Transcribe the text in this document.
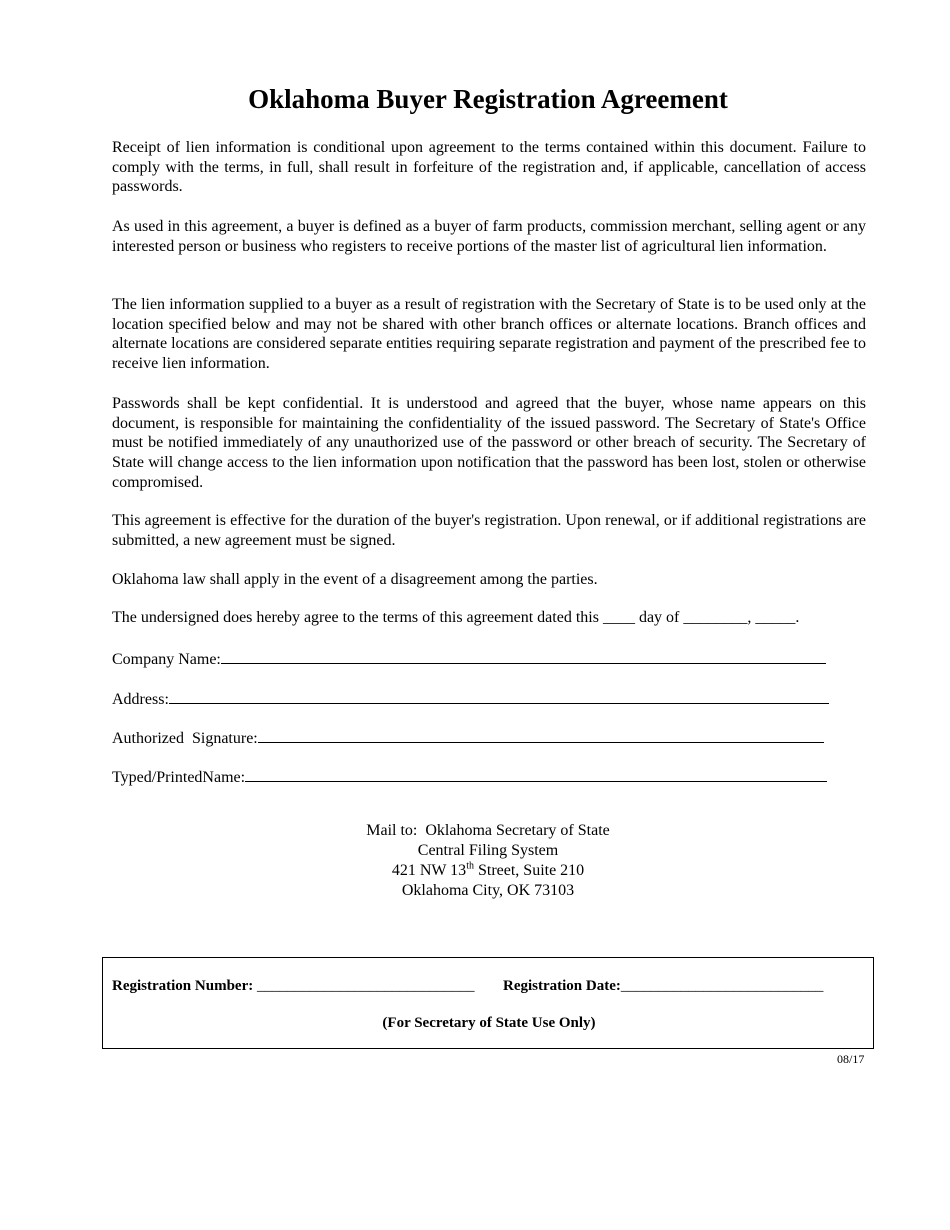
Oklahoma Buyer Registration Agreement

Receipt of lien information is conditional upon agreement to the terms contained within this document. Failure to comply with the terms, in full, shall result in forfeiture of the registration and, if applicable, cancellation of access passwords.

As used in this agreement, a buyer is defined as a buyer of farm products, commission merchant, selling agent or any interested person or business who registers to receive portions of the master list of agricultural lien information.

The lien information supplied to a buyer as a result of registration with the Secretary of State is to be used only at the location specified below and may not be shared with other branch offices or alternate locations. Branch offices and alternate locations are considered separate entities requiring separate registration and payment of the prescribed fee to receive lien information.

Passwords shall be kept confidential. It is understood and agreed that the buyer, whose name appears on this document, is responsible for maintaining the confidentiality of the issued password. The Secretary of State's Office must be notified immediately of any unauthorized use of the password or other breach of security. The Secretary of State will change access to the lien information upon notification that the password has been lost, stolen or otherwise compromised.

This agreement is effective for the duration of the buyer's registration. Upon renewal, or if additional registrations are submitted, a new agreement must be signed.

Oklahoma law shall apply in the event of a disagreement among the parties.

The undersigned does hereby agree to the terms of this agreement dated this ____ day of ________, _____.

Company Name:
Address:
Authorized  Signature:
Typed/PrintedName:
Mail to:  Oklahoma Secretary of State
Central Filing System
421 NW 13th Street, Suite 210
Oklahoma City, OK 73103
Registration Number: _____________________________ Registration Date:___________________________
(For Secretary of State Use Only)
08/17
